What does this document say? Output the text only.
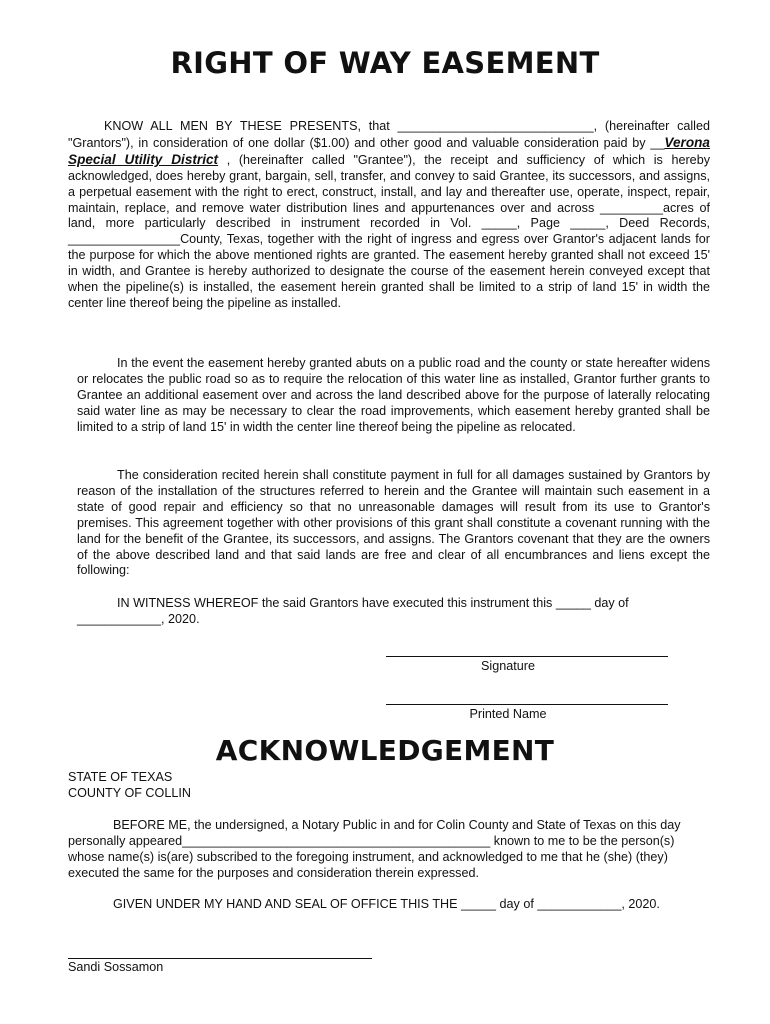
RIGHT OF WAY EASEMENT
KNOW ALL MEN BY THESE PRESENTS, that ____________________________, (hereinafter called "Grantors"), in consideration of one dollar ($1.00) and other good and valuable consideration paid by __Verona Special Utility District , (hereinafter called "Grantee"), the receipt and sufficiency of which is hereby acknowledged, does hereby grant, bargain, sell, transfer, and convey to said Grantee, its successors, and assigns, a perpetual easement with the right to erect, construct, install, and lay and thereafter use, operate, inspect, repair, maintain, replace, and remove water distribution lines and appurtenances over and across _________acres of land, more particularly described in instrument recorded in Vol. _____, Page _____, Deed Records, ________________County, Texas, together with the right of ingress and egress over Grantor's adjacent lands for the purpose for which the above mentioned rights are granted. The easement hereby granted shall not exceed 15' in width, and Grantee is hereby authorized to designate the course of the easement herein conveyed except that when the pipeline(s) is installed, the easement herein granted shall be limited to a strip of land 15' in width the center line thereof being the pipeline as installed.
In the event the easement hereby granted abuts on a public road and the county or state hereafter widens or relocates the public road so as to require the relocation of this water line as installed, Grantor further grants to Grantee an additional easement over and across the land described above for the purpose of laterally relocating said water line as may be necessary to clear the road improvements, which easement hereby granted shall be limited to a strip of land 15' in width the center line thereof being the pipeline as relocated.
The consideration recited herein shall constitute payment in full for all damages sustained by Grantors by reason of the installation of the structures referred to herein and the Grantee will maintain such easement in a state of good repair and efficiency so that no unreasonable damages will result from its use to Grantor's premises. This agreement together with other provisions of this grant shall constitute a covenant running with the land for the benefit of the Grantee, its successors, and assigns. The Grantors covenant that they are the owners of the above described land and that said lands are free and clear of all encumbrances and liens except the following:
IN WITNESS WHEREOF the said Grantors have executed this instrument this _____ day of
____________, 2020.
Signature
Printed Name
ACKNOWLEDGEMENT
STATE OF TEXAS
COUNTY OF COLLIN
BEFORE ME, the undersigned, a Notary Public in and for Colin County and State of Texas on this day personally appeared____________________________________________ known to me to be the person(s) whose name(s) is(are) subscribed to the foregoing instrument, and acknowledged to me that he (she) (they) executed the same for the purposes and consideration therein expressed.
GIVEN UNDER MY HAND AND SEAL OF OFFICE THIS THE _____ day of ____________, 2020.
Sandi Sossamon
